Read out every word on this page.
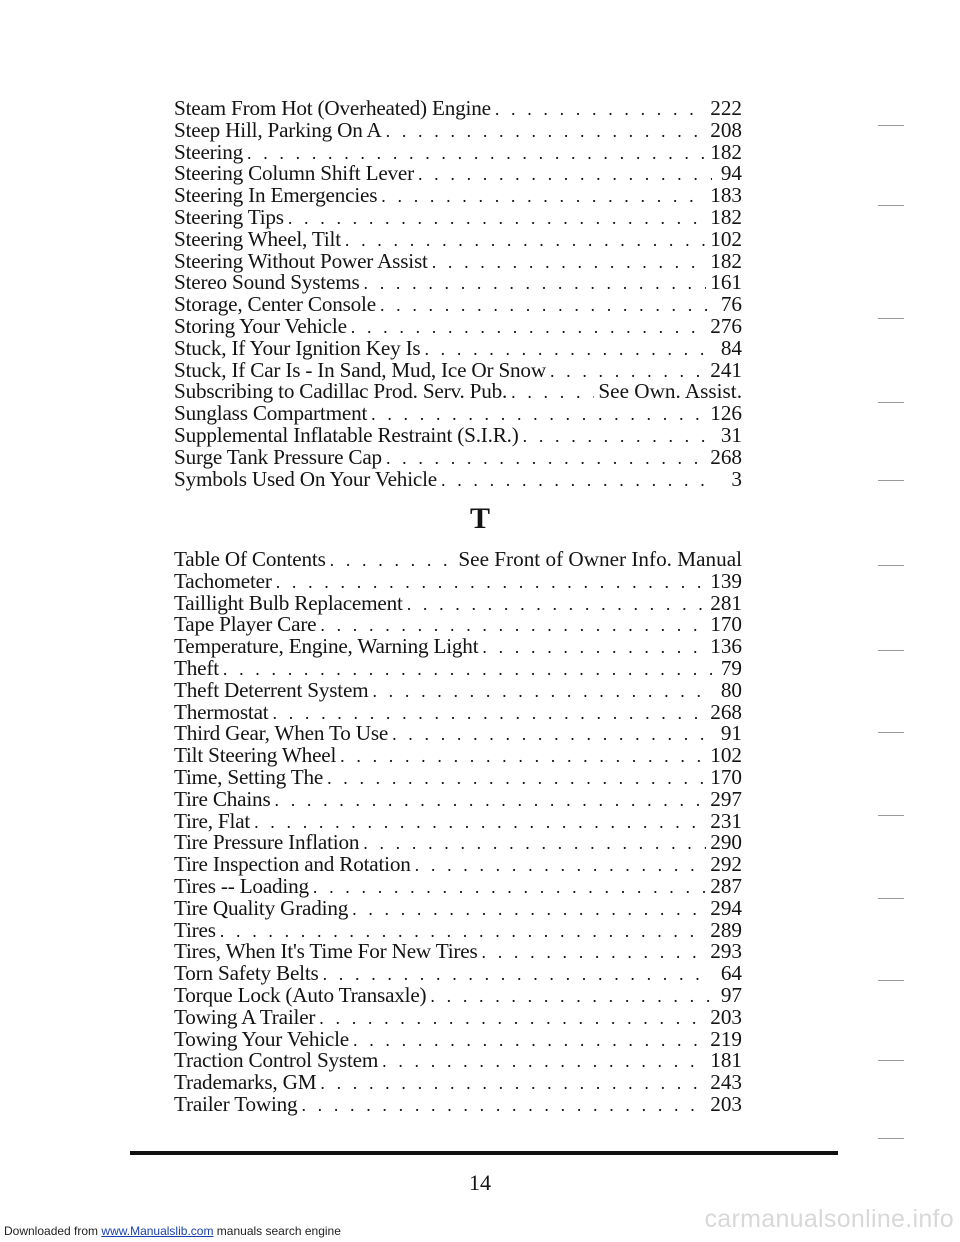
Steam From Hot (Overheated) Engine . . .	222
Steep Hill, Parking On A . . .	208
Steering . . .	182
Steering Column Shift Lever . . .	94
Steering In Emergencies . . .	183
Steering Tips . . .	182
Steering Wheel, Tilt . . .	102
Steering Without Power Assist . . .	182
Stereo Sound Systems . . .	161
Storage, Center Console . . .	76
Storing Your Vehicle . . .	276
Stuck, If Your Ignition Key Is . . .	84
Stuck, If Car Is - In Sand, Mud, Ice Or Snow . . .	241
Subscribing to Cadillac Prod. Serv. Pub. . . .	See Own. Assist.
Sunglass Compartment . . .	126
Supplemental Inflatable Restraint (S.I.R.) . . .	31
Surge Tank Pressure Cap . . .	268
Symbols Used On Your Vehicle . . .	3
T
Table Of Contents . . .	See Front of Owner Info. Manual
Tachometer . . .	139
Taillight Bulb Replacement . . .	281
Tape Player Care . . .	170
Temperature, Engine, Warning Light . . .	136
Theft . . .	79
Theft Deterrent System . . .	80
Thermostat . . .	268
Third Gear, When To Use . . .	91
Tilt Steering Wheel . . .	102
Time, Setting The . . .	170
Tire Chains . . .	297
Tire, Flat . . .	231
Tire Pressure Inflation . . .	290
Tire Inspection and Rotation . . .	292
Tires -- Loading . . .	287
Tire Quality Grading . . .	294
Tires . . .	289
Tires, When It's Time For New Tires . . .	293
Torn Safety Belts . . .	64
Torque Lock (Auto Transaxle) . . .	97
Towing A Trailer . . .	203
Towing Your Vehicle . . .	219
Traction Control System . . .	181
Trademarks, GM . . .	243
Trailer Towing . . .	203
14
Downloaded from www.Manualslib.com manuals search engine	carmanualsonline.info
